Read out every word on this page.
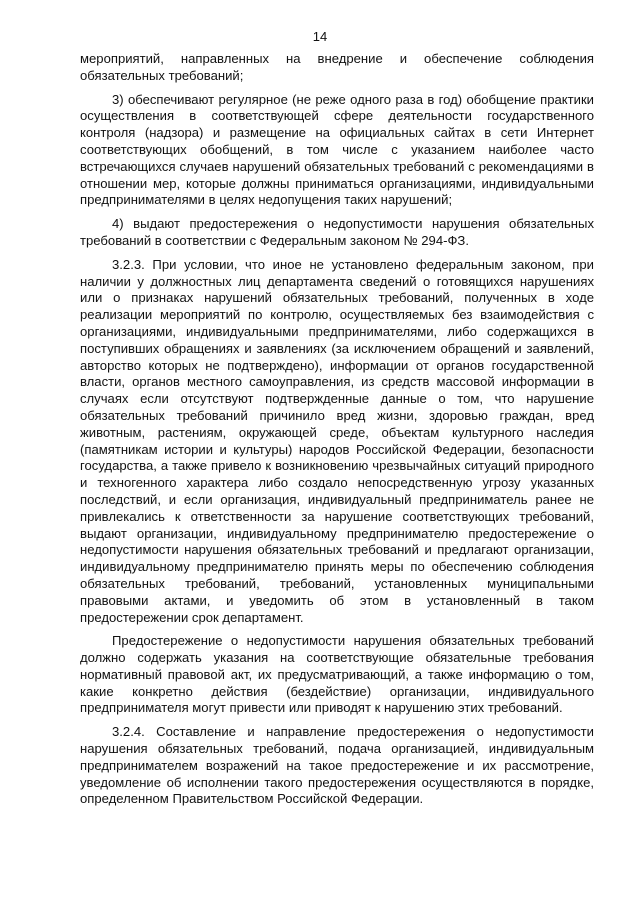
14

мероприятий, направленных на внедрение и обеспечение соблюдения обязательных требований;

3) обеспечивают регулярное (не реже одного раза в год) обобщение практики осуществления в соответствующей сфере деятельности государственного контроля (надзора) и размещение на официальных сайтах в сети Интернет соответствующих обобщений, в том числе с указанием наиболее часто встречающихся случаев нарушений обязательных требований с рекомендациями в отношении мер, которые должны приниматься организациями, индивидуальными предпринимателями в целях недопущения таких нарушений;

4) выдают предостережения о недопустимости нарушения обязательных требований в соответствии с Федеральным законом № 294-ФЗ.

3.2.3. При условии, что иное не установлено федеральным законом, при наличии у должностных лиц департамента сведений о готовящихся нарушениях или о признаках нарушений обязательных требований, полученных в ходе реализации мероприятий по контролю, осуществляемых без взаимодействия с организациями, индивидуальными предпринимателями, либо содержащихся в поступивших обращениях и заявлениях (за исключением обращений и заявлений, авторство которых не подтверждено), информации от органов государственной власти, органов местного самоуправления, из средств массовой информации в случаях если отсутствуют подтвержденные данные о том, что нарушение обязательных требований причинило вред жизни, здоровью граждан, вред животным, растениям, окружающей среде, объектам культурного наследия (памятникам истории и культуры) народов Российской Федерации, безопасности государства, а также привело к возникновению чрезвычайных ситуаций природного и техногенного характера либо создало непосредственную угрозу указанных последствий, и если организация, индивидуальный предприниматель ранее не привлекались к ответственности за нарушение соответствующих требований, выдают организации, индивидуальному предпринимателю предостережение о недопустимости нарушения обязательных требований и предлагают организации, индивидуальному предпринимателю принять меры по обеспечению соблюдения обязательных требований, требований, установленных муниципальными правовыми актами, и уведомить об этом в установленный в таком предостережении срок департамент.

Предостережение о недопустимости нарушения обязательных требований должно содержать указания на соответствующие обязательные требования нормативный правовой акт, их предусматривающий, а также информацию о том, какие конкретно действия (бездействие) организации, индивидуального предпринимателя могут привести или приводят к нарушению этих требований.

3.2.4. Составление и направление предостережения о недопустимости нарушения обязательных требований, подача организацией, индивидуальным предпринимателем возражений на такое предостережение и их рассмотрение, уведомление об исполнении такого предостережения осуществляются в порядке, определенном Правительством Российской Федерации.
